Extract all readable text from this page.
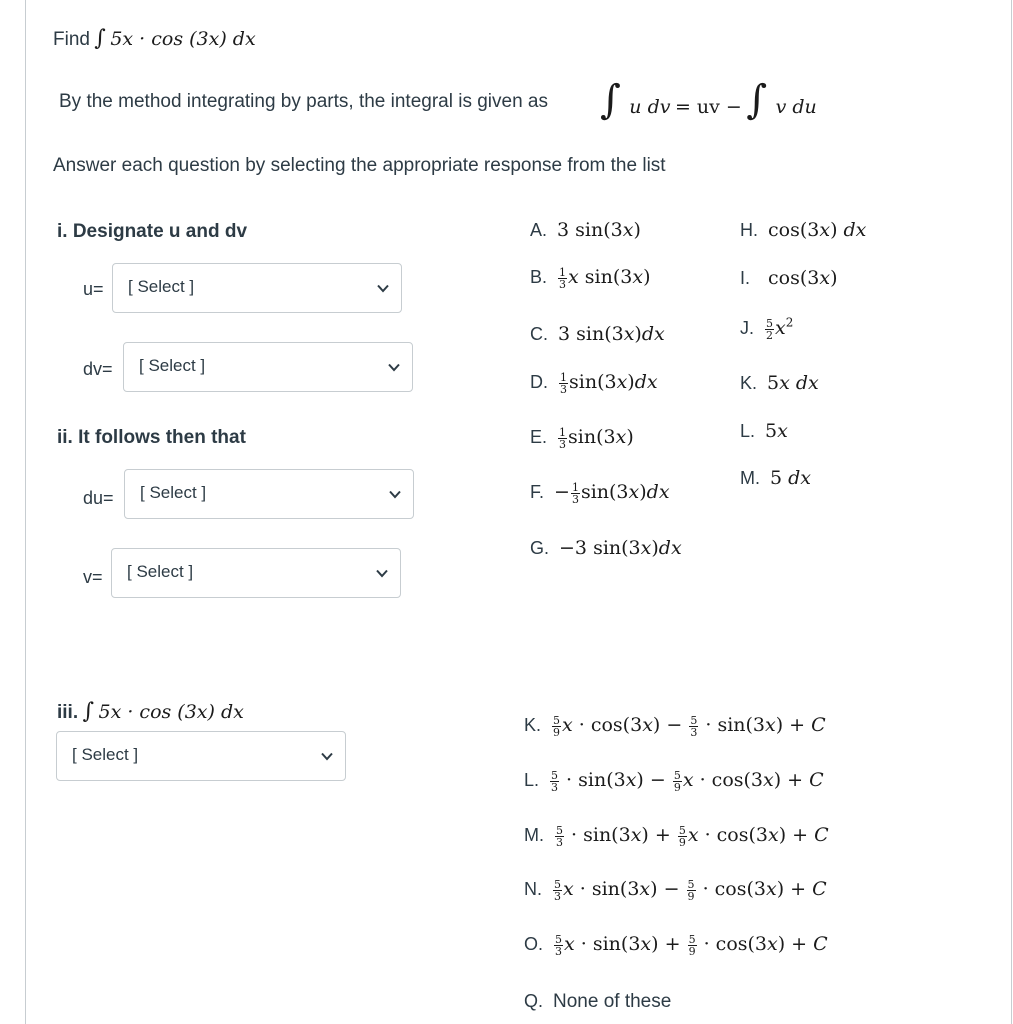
Find ∫ 5x · cos (3x) dx
By the method integrating by parts, the integral is given as ∫ u dv = uv − ∫ v du
Answer each question by selecting the appropriate response from the list
i. Designate u and dv
u= [ Select ]
dv= [ Select ]
ii. It follows then that
du= [ Select ]
v= [ Select ]
iii. ∫ 5x · cos (3x) dx
[ Select ]
A. 3 sin(3x)
B. $\frac{1}{3}$ x sin(3x)
C. 3 sin(3x)dx
D. $\frac{1}{3} \sin(3x)dx$
E. $\frac{1}{3} \sin(3x)$
F. − $\frac{1}{3} \sin(3x)dx$
G. −3 sin(3x)dx
H. cos(3x) dx
I. cos(3x)
J. $\frac{5}{2} x^2$
K. 5x dx
L. 5x
M. 5 dx
K. $\frac{5}{9}$ $x \cdot \cos(3x) - \frac{5}{3} \cdot \sin(3x) + C$
L. $\frac{5}{3} \cdot \sin(3x) - \frac{5}{9}$ x · cos(3x) + C
M. $\frac{5}{3} \cdot \sin(3x) + \frac{5}{9}$ x · cos(3x) + C
N. $\frac{5}{3}$ $x \cdot \sin(3x) - \frac{5}{9} \cdot \cos(3x) + C$
O. $\frac{5}{3}$ $x \cdot \sin(3x) + \frac{5}{9} \cdot \cos(3x) + C$
Q. None of these
